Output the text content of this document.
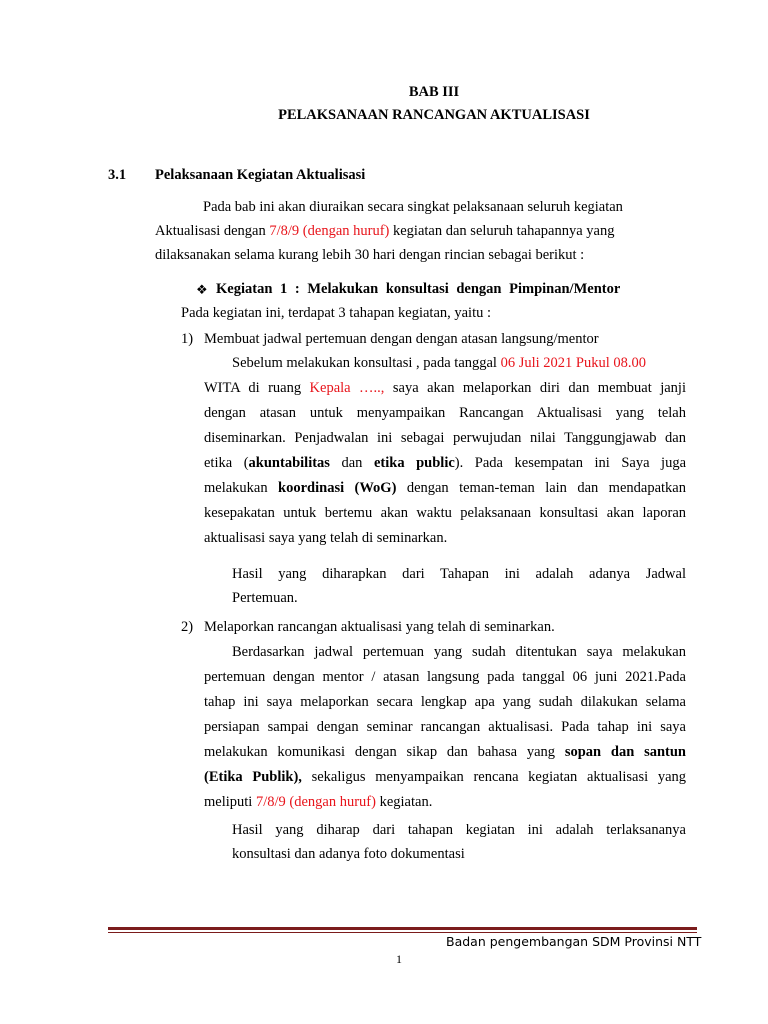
BAB III
PELAKSANAAN RANCANGAN AKTUALISASI
3.1 Pelaksanaan Kegiatan Aktualisasi
Pada bab ini akan diuraikan secara singkat pelaksanaan seluruh kegiatan
Aktualisasi dengan 7/8/9 (dengan huruf) kegiatan dan seluruh tahapannya yang
dilaksanakan selama kurang lebih 30 hari dengan rincian sebagai berikut :
❖ Kegiatan 1 : Melakukan konsultasi dengan Pimpinan/Mentor
Pada kegiatan ini, terdapat 3 tahapan kegiatan, yaitu :
1) Membuat jadwal pertemuan dengan dengan atasan langsung/mentor
Sebelum melakukan konsultasi , pada tanggal 06 Juli 2021 Pukul 08.00
WITA di ruang Kepala ….., saya akan melaporkan diri dan membuat janji
dengan atasan untuk menyampaikan Rancangan Aktualisasi yang telah
diseminarkan. Penjadwalan ini sebagai perwujudan nilai Tanggungjawab dan
etika (akuntabilitas dan etika public). Pada kesempatan ini Saya juga
melakukan koordinasi (WoG) dengan teman-teman lain dan mendapatkan
kesepakatan untuk bertemu akan waktu pelaksanaan konsultasi akan laporan
aktualisasi saya yang telah di seminarkan.
Hasil yang diharapkan dari Tahapan ini adalah adanya Jadwal
Pertemuan.
2) Melaporkan rancangan aktualisasi yang telah di seminarkan.
Berdasarkan jadwal pertemuan yang sudah ditentukan saya melakukan
pertemuan dengan mentor / atasan langsung pada tanggal 06 juni 2021.Pada
tahap ini saya melaporkan secara lengkap apa yang sudah dilakukan selama
persiapan sampai dengan seminar rancangan aktualisasi. Pada tahap ini saya
melakukan komunikasi dengan sikap dan bahasa yang sopan dan santun
(Etika Publik), sekaligus menyampaikan rencana kegiatan aktualisasi yang
meliputi 7/8/9 (dengan huruf) kegiatan.
Hasil yang diharap dari tahapan kegiatan ini adalah terlaksananya
konsultasi dan adanya foto dokumentasi
Badan pengembangan SDM Provinsi NTT
1
